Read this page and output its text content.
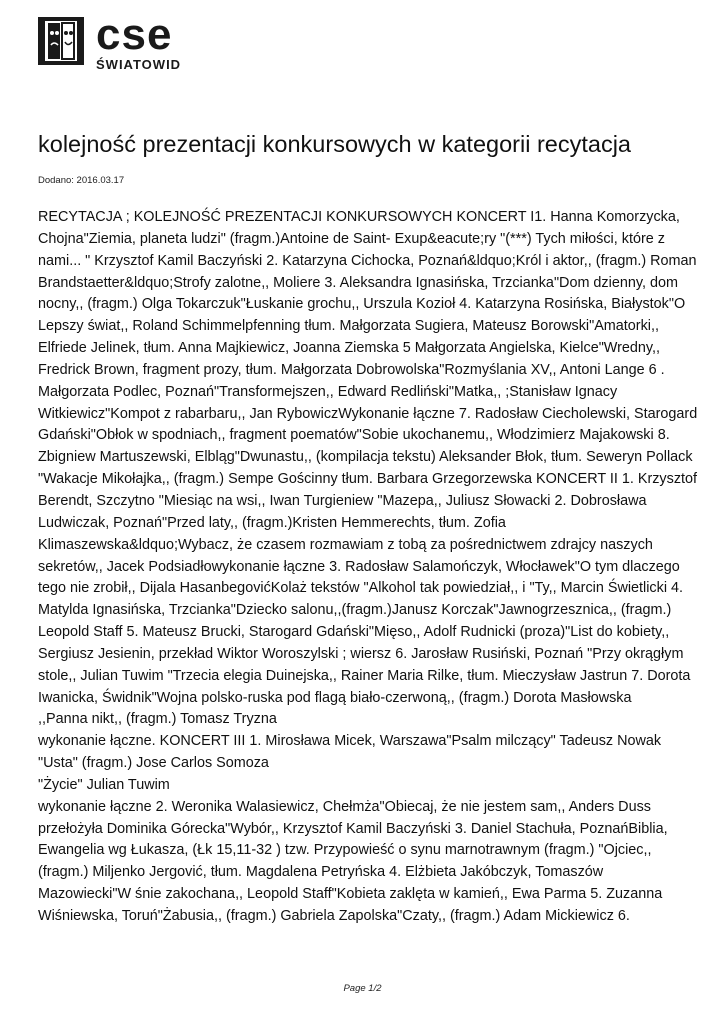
cse
ŚWIATOWID
kolejność prezentacji konkursowych w kategorii recytacja
Dodano: 2016.03.17
RECYTACJA ; KOLEJNOŚĆ PREZENTACJI KONKURSOWYCH KONCERT I1. Hanna Komorzycka, Chojna"Ziemia, planeta ludzi" (fragm.)Antoine de Saint- Exup&eacute;ry "(***) Tych miłości, które z nami... " Krzysztof Kamil Baczyński 2. Katarzyna Cichocka, Poznań&ldquo;Król i aktor,, (fragm.) Roman Brandstaetter&ldquo;Strofy zalotne,, Moliere 3. Aleksandra Ignasińska, Trzcianka"Dom dzienny, dom nocny,, (fragm.) Olga Tokarczuk"Łuskanie grochu,, Urszula Kozioł 4. Katarzyna Rosińska, Białystok"O Lepszy świat,, Roland Schimmelpfenning tłum. Małgorzata Sugiera, Mateusz Borowski"Amatorki,, Elfriede Jelinek, tłum. Anna Majkiewicz, Joanna Ziemska 5 Małgorzata Angielska, Kielce"Wredny,, Fredrick Brown, fragment prozy, tłum. Małgorzata Dobrowolska"Rozmyślania XV,, Antoni Lange 6 . Małgorzata Podlec, Poznań"Transformejszen,, Edward Redliński"Matka,, ;Stanisław Ignacy Witkiewicz"Kompot z rabarbaru,, Jan RybowiczWykonanie łączne 7. Radosław Ciecholewski, Starogard Gdański"Obłok w spodniach,, fragment poematów"Sobie ukochanemu,, Włodzimierz Majakowski 8. Zbigniew Martuszewski, Elbląg"Dwunastu,, (kompilacja tekstu) Aleksander Błok, tłum. Seweryn Pollack "Wakacje Mikołajka,, (fragm.) Sempe Gościnny tłum. Barbara Grzegorzewska KONCERT II 1. Krzysztof Berendt, Szczytno "Miesiąc na wsi,, Iwan Turgieniew "Mazepa,, Juliusz Słowacki 2. Dobrosława Ludwiczak, Poznań"Przed laty,, (fragm.)Kristen Hemmerechts, tłum. Zofia Klimaszewska&ldquo;Wybacz, że czasem rozmawiam z tobą za pośrednictwem zdrajcy naszych sekretów,, Jacek Podsiadłowykonanie łączne 3. Radosław Salamończyk, Włocławek"O tym dlaczego tego nie zrobił,, Dijala HasanbegovićKolaż tekstów "Alkohol tak powiedział,, i "Ty,, Marcin Świetlicki 4. Matylda Ignasińska, Trzcianka"Dziecko salonu,,(fragm.)Janusz Korczak"Jawnogrzesznica,, (fragm.) Leopold Staff 5. Mateusz Brucki, Starogard Gdański"Mięso,, Adolf Rudnicki (proza)"List do kobiety,, Sergiusz Jesienin, przekład Wiktor Woroszylski ; wiersz 6. Jarosław Rusiński, Poznań "Przy okrągłym stole,, Julian Tuwim "Trzecia elegia Duinejska,, Rainer Maria Rilke, tłum. Mieczysław Jastrun 7. Dorota Iwanicka, Świdnik"Wojna polsko-ruska pod flagą biało-czerwoną,, (fragm.) Dorota Masłowska
,,Panna nikt,, (fragm.) Tomasz Tryzna
wykonanie łączne. KONCERT III 1. Mirosława Micek, Warszawa"Psalm milczący" Tadeusz Nowak "Usta" (fragm.) Jose Carlos Somoza
"Życie" Julian Tuwim
wykonanie łączne 2. Weronika Walasiewicz, Chełmża"Obiecaj, że nie jestem sam,, Anders Duss przełożyła Dominika Górecka"Wybór,, Krzysztof Kamil Baczyński 3. Daniel Stachuła, PoznańBiblia, Ewangelia wg Łukasza, (Łk 15,11-32 ) tzw. Przypowieść o synu marnotrawnym (fragm.) "Ojciec,, (fragm.) Miljenko Jergović, tłum. Magdalena Petryńska 4. Elżbieta Jakóbczyk, Tomaszów Mazowiecki"W śnie zakochana,, Leopold Staff"Kobieta zaklęta w kamień,, Ewa Parma 5. Zuzanna Wiśniewska, Toruń"Żabusia,, (fragm.) Gabriela Zapolska"Czaty,, (fragm.) Adam Mickiewicz 6.
Page 1/2
